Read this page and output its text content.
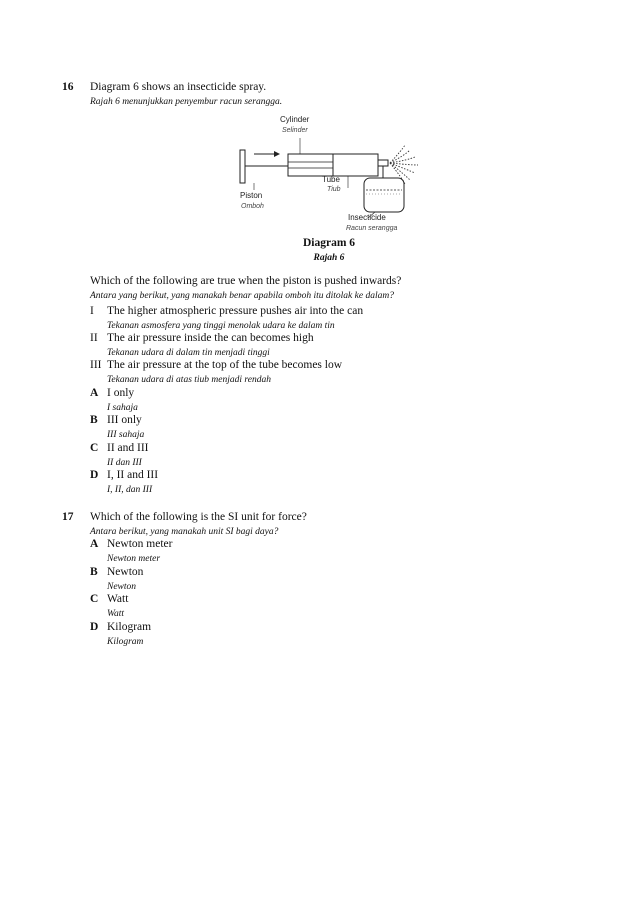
16 Diagram 6 shows an insecticide spray.
Rajah 6 menunjukkan penyembur racun serangga.
Cylinder
Selinder
Tube
Tiub
Piston
Omboh
Insecticide
Racun serangga
Diagram 6
Rajah 6
Which of the following are true when the piston is pushed inwards?
Antara yang berikut, yang manakah benar apabila omboh itu ditolak ke dalam?
I The higher atmospheric pressure pushes air into the can
Tekanan asmosfera yang tinggi menolak udara ke dalam tin
II The air pressure inside the can becomes high
Tekanan udara di dalam tin menjadi tinggi
III The air pressure at the top of the tube becomes low
Tekanan udara di atas tiub menjadi rendah
A I only
I sahaja
B III only
III sahaja
C II and III
II dan III
D I, II and III
I, II, dan III
17 Which of the following is the SI unit for force?
Antara berikut, yang manakah unit SI bagi daya?
A Newton meter
Newton meter
B Newton
Newton
C Watt
Watt
D Kilogram
Kilogram
